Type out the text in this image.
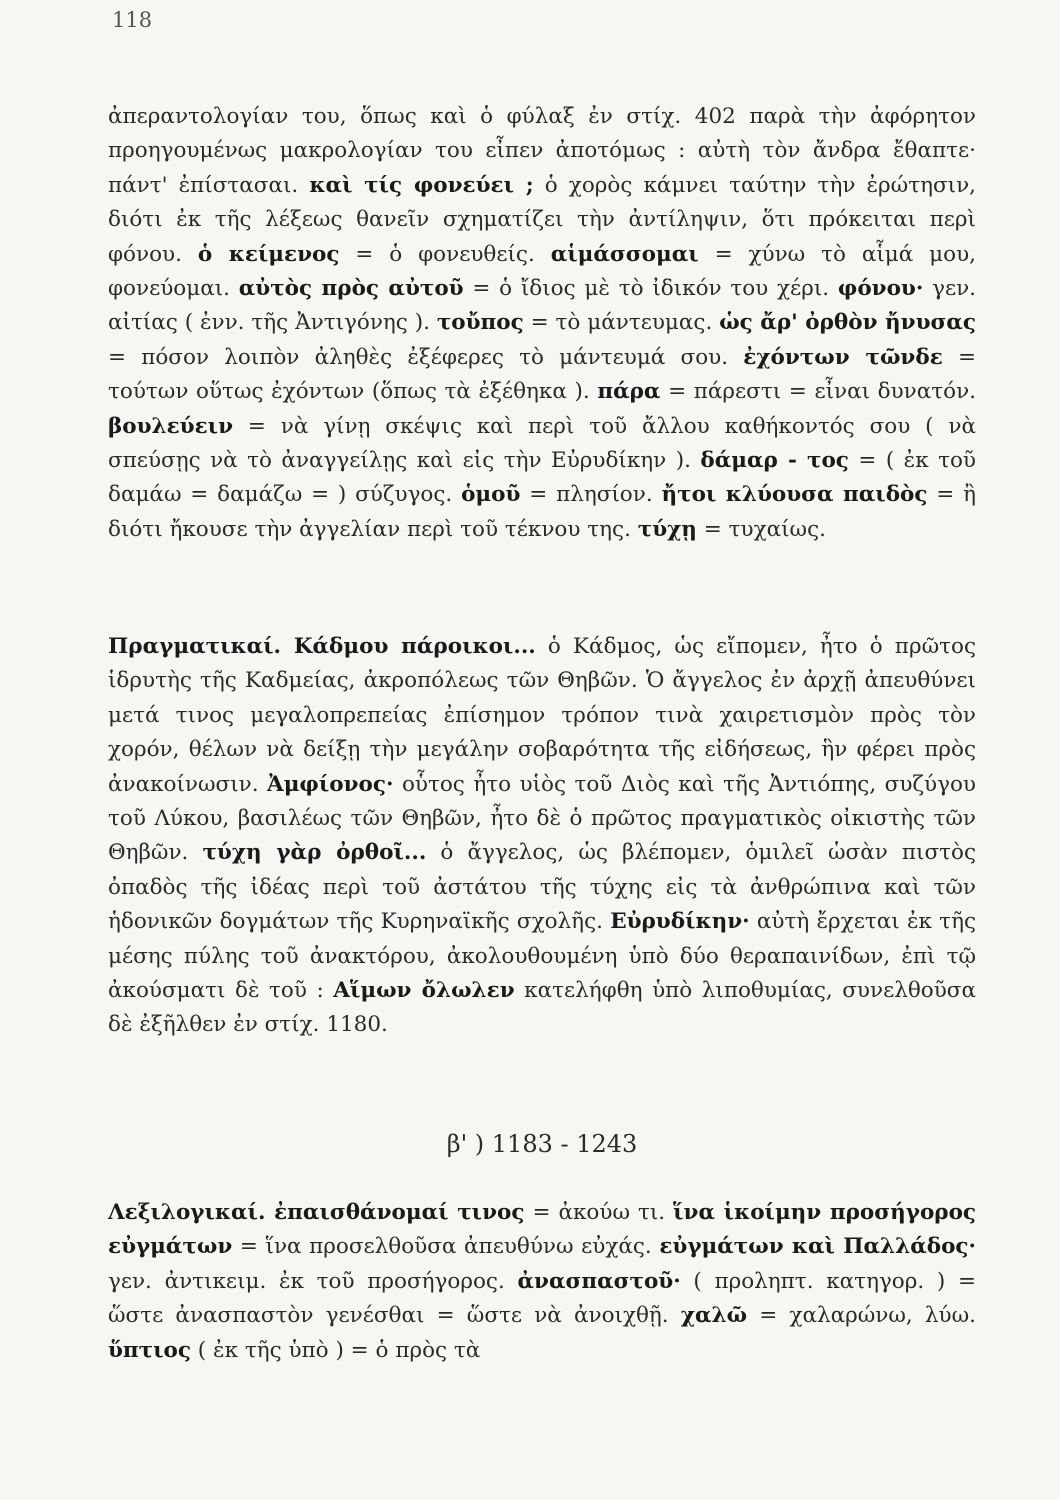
118

ἀπεραντολογίαν του, ὅπως καὶ ὁ φύλαξ ἐν στίχ. 402 παρὰ τὴν ἀφόρητον προηγουμένως μακρολογίαν του εἶπεν ἀποτόμως : αὐτὴ τὸν ἄνδρα ἔθαπτε· πάντ' ἐπίστασαι. καὶ τίς φονεύει ; ὁ χορὸς κάμνει ταύτην τὴν ἐρώτησιν, διότι ἐκ τῆς λέξεως θανεῖν σχηματίζει τὴν ἀντίληψιν, ὅτι πρόκειται περὶ φόνου. ὁ κείμενος = ὁ φονευθείς. αἱμάσσομαι = χύνω τὸ αἷμά μου, φονεύομαι. αὐτὸς πρὸς αὐτοῦ = ὁ ἴδιος μὲ τὸ ἰδικόν του χέρι. φόνου· γεν. αἰτίας ( ἐνν. τῆς Ἀντιγόνης ). τοὔπος = τὸ μάντευμας. ὡς ἄρ' ὀρθὸν ἤνυσας = πόσον λοιπὸν ἀληθὲς ἐξέφερες τὸ μάντευμά σου. ἐχόντων τῶνδε = τούτων οὕτως ἐχόντων (ὅπως τὰ ἐξέθηκα ). πάρα = πάρεστι = εἶναι δυνατόν. βουλεύειν = νὰ γίνῃ σκέψις καὶ περὶ τοῦ ἄλλου καθήκοντός σου ( νὰ σπεύσῃς νὰ τὸ ἀναγγείλῃς καὶ εἰς τὴν Εὐρυδίκην ). δάμαρ - τος = ( ἐκ τοῦ δαμάω = δαμάζω = ) σύζυγος. ὁμοῦ = πλησίον. ἤτοι κλύουσα παιδὸς = ἢ διότι ἤκουσε τὴν ἀγγελίαν περὶ τοῦ τέκνου της. τύχῃ = τυχαίως.

Πραγματικαί. Κάδμου πάροικοι... ὁ Κάδμος, ὡς εἴπομεν, ἦτο ὁ πρῶτος ἱδρυτὴς τῆς Καδμείας, ἀκροπόλεως τῶν Θηβῶν. Ὁ ἄγγελος ἐν ἀρχῇ ἀπευθύνει μετά τινος μεγαλοπρεπείας ἐπίσημον τρόπον τινὰ χαιρετισμὸν πρὸς τὸν χορόν, θέλων νὰ δείξῃ τὴν μεγάλην σοβαρότητα τῆς εἰδήσεως, ἣν φέρει πρὸς ἀνακοίνωσιν. Ἀμφίονος· οὗτος ἦτο υἱὸς τοῦ Διὸς καὶ τῆς Ἀντιόπης, συζύγου τοῦ Λύκου, βασιλέως τῶν Θηβῶν, ἦτο δὲ ὁ πρῶτος πραγματικὸς οἰκιστὴς τῶν Θηβῶν. τύχη γὰρ ὀρθοῖ... ὁ ἄγγελος, ὡς βλέπομεν, ὁμιλεῖ ὡσὰν πιστὸς ὀπαδὸς τῆς ἰδέας περὶ τοῦ ἀστάτου τῆς τύχης εἰς τὰ ἀνθρώπινα καὶ τῶν ἡδονικῶν δογμάτων τῆς Κυρηναϊκῆς σχολῆς. Εὐρυδίκην· αὐτὴ ἔρχεται ἐκ τῆς μέσης πύλης τοῦ ἀνακτόρου, ἀκολουθουμένη ὑπὸ δύο θεραπαινίδων, ἐπὶ τῷ ἀκούσματι δὲ τοῦ : Αἵμων ὄλωλεν κατελήφθη ὑπὸ λιποθυμίας, συνελθοῦσα δὲ ἐξῆλθεν ἐν στίχ. 1180.

β' ) 1183 - 1243

Λεξιλογικαί. ἐπαισθάνομαί τινος = ἀκούω τι. ἵνα ἱκοίμην προσήγορος εὐγμάτων = ἵνα προσελθοῦσα ἀπευθύνω εὐχάς. εὐγμάτων καὶ Παλλάδος· γεν. ἀντικειμ. ἐκ τοῦ προσήγορος. ἀνασπαστοῦ· ( προληπτ. κατηγορ. ) = ὥστε ἀνασπαστὸν γενέσθαι = ὥστε νὰ ἀνοιχθῇ. χαλῶ = χαλαρώνω, λύω. ὕπτιος ( ἐκ τῆς ὑπὸ ) = ὁ πρὸς τὰ
